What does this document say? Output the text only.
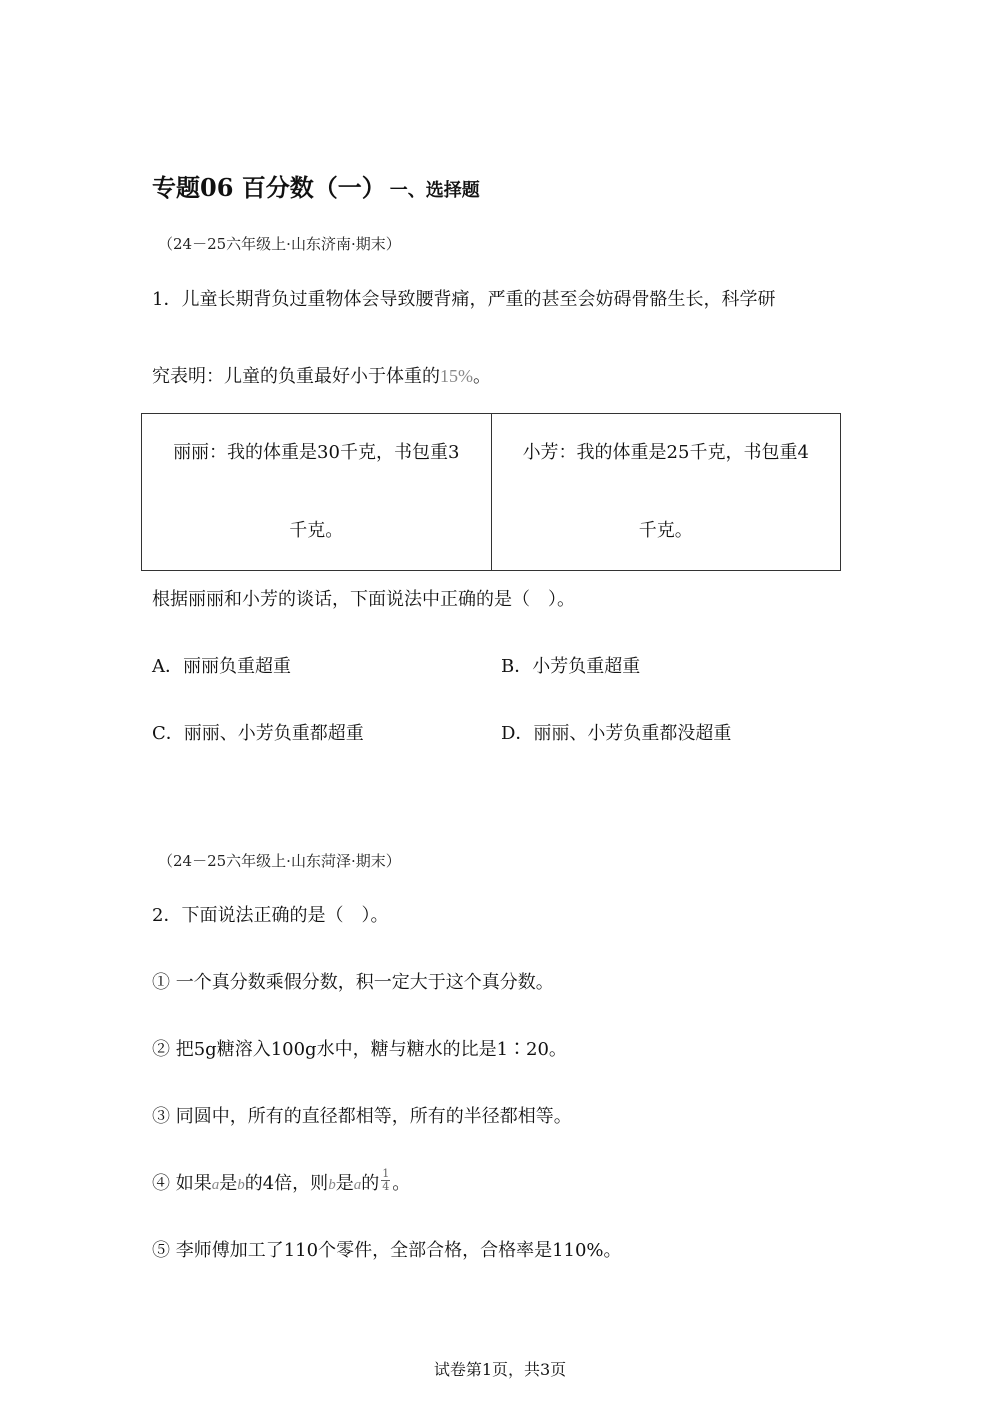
专题06 百分数（一） 一、选择题
（24－25六年级上·山东济南·期末）
1．儿童长期背负过重物体会导致腰背痛，严重的甚至会妨碍骨骼生长，科学研
究表明：儿童的负重最好小于体重的15%。
丽丽：我的体重是30千克，书包重3
千克。

小芳：我的体重是25千克，书包重4
千克。
根据丽丽和小芳的谈话，下面说法中正确的是（　）。
A．丽丽负重超重	B．小芳负重超重
C．丽丽、小芳负重都超重	D．丽丽、小芳负重都没超重
（24－25六年级上·山东菏泽·期末）
2．下面说法正确的是（　）。
① 一个真分数乘假分数，积一定大于这个真分数。
② 把5g糖溶入100g水中，糖与糖水的比是1∶20。
③ 同圆中，所有的直径都相等，所有的半径都相等。
④ 如果a是b的4倍，则b是a的 $\frac{1}{4}$ 。
⑤ 李师傅加工了110个零件，全部合格，合格率是110%。
试卷第1页，共3页
